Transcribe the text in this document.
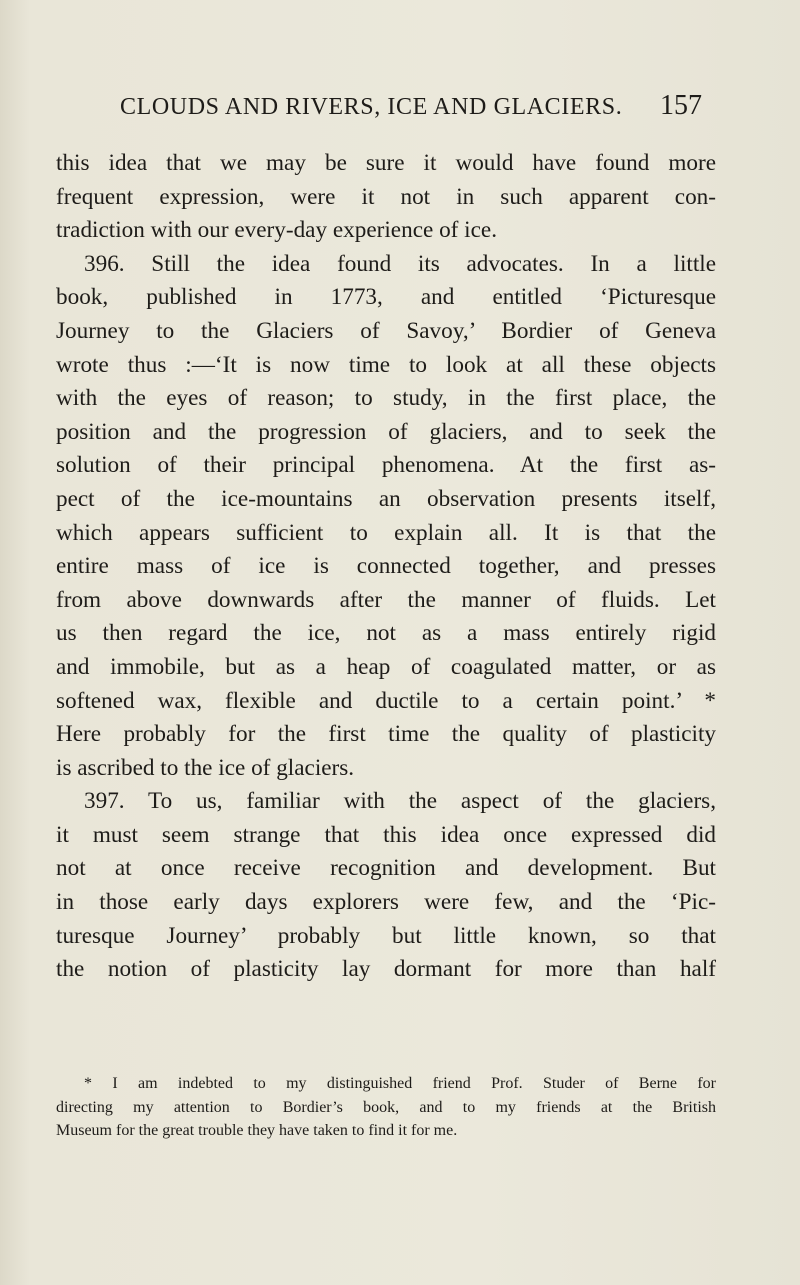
CLOUDS AND RIVERS, ICE AND GLACIERS. 157
this idea that we may be sure it would have found more
frequent expression, were it not in such apparent con-
tradiction with our every-day experience of ice.
396. Still the idea found its advocates. In a little
book, published in 1773, and entitled ‘Picturesque
Journey to the Glaciers of Savoy,’ Bordier of Geneva
wrote thus :—‘It is now time to look at all these objects
with the eyes of reason; to study, in the first place, the
position and the progression of glaciers, and to seek the
solution of their principal phenomena. At the first as-
pect of the ice-mountains an observation presents itself,
which appears sufficient to explain all. It is that the
entire mass of ice is connected together, and presses
from above downwards after the manner of fluids. Let
us then regard the ice, not as a mass entirely rigid
and immobile, but as a heap of coagulated matter, or as
softened wax, flexible and ductile to a certain point.’ *
Here probably for the first time the quality of plasticity
is ascribed to the ice of glaciers.
397. To us, familiar with the aspect of the glaciers,
it must seem strange that this idea once expressed did
not at once receive recognition and development. But
in those early days explorers were few, and the ‘Pic-
turesque Journey’ probably but little known, so that
the notion of plasticity lay dormant for more than half
* I am indebted to my distinguished friend Prof. Studer of Berne for
directing my attention to Bordier’s book, and to my friends at the British
Museum for the great trouble they have taken to find it for me.
